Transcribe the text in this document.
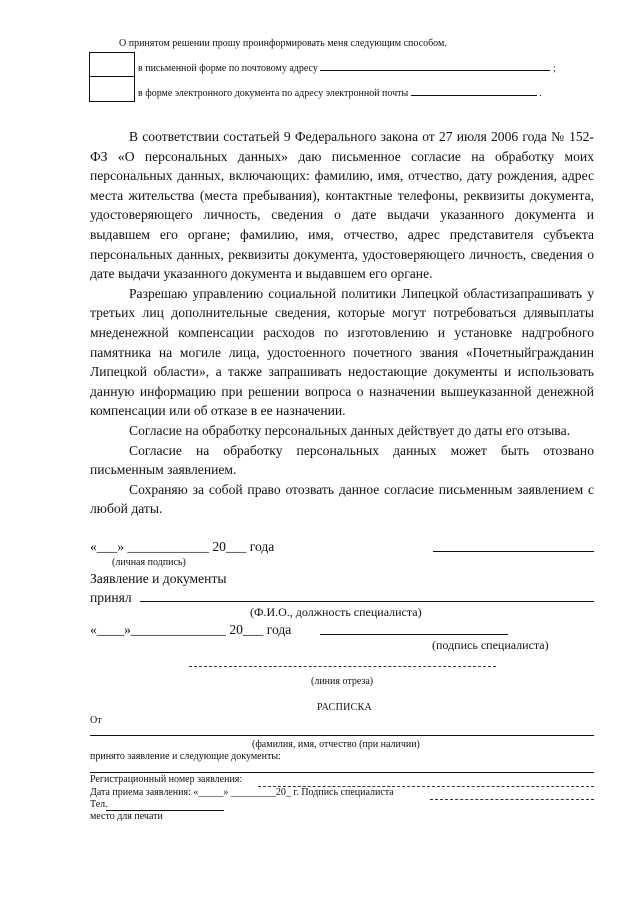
О принятом решении прошу проинформировать меня следующим способом.
в письменной форме по почтовому адресу	;
в форме электронного документа по адресу электронной почты	.

В соответствии состатьей 9 Федерального закона от 27 июля 2006 года № 152-ФЗ «О персональных данных» даю письменное согласие на обработку моих персональных данных, включающих: фамилию, имя, отчество, дату рождения, адрес места жительства (места пребывания), контактные телефоны, реквизиты документа, удостоверяющего личность, сведения о дате выдачи указанного документа и выдавшем его органе; фамилию, имя, отчество, адрес представителя субъекта персональных данных, реквизиты документа, удостоверяющего личность, сведения о дате выдачи указанного документа и выдавшем его органе.

Разрешаю управлению социальной политики Липецкой областизапрашивать у третьих лиц дополнительные сведения, которые могут потребоваться длявыплаты мнеденежной компенсации расходов по изготовлению и установке надгробного памятника на могиле лица, удостоенного почетного звания «Почетныйгражданин Липецкой области», а также запрашивать недостающие документы и использовать данную информацию при решении вопроса о назначении вышеуказанной денежной компенсации или об отказе в ее назначении.

Согласие на обработку персональных данных действует до даты его отзыва.

Согласие на обработку персональных данных может быть отозвано письменным заявлением.

Сохраняю за собой право отозвать данное согласие письменным заявлением с любой даты.

«___» ____________ 20___ года
(личная подпись)
Заявление и документы
принял
(Ф.И.О., должность специалиста)
«____»______________ 20___ года
(подпись специалиста)
(линия отреза)
РАСПИСКА
От
(фамилия, имя, отчество (при наличии)
принято заявление и следующие документы:
Регистрационный номер заявления:
Дата приема заявления: «_____» _________20_ г. Подпись специалиста
Тел.
место для печати
